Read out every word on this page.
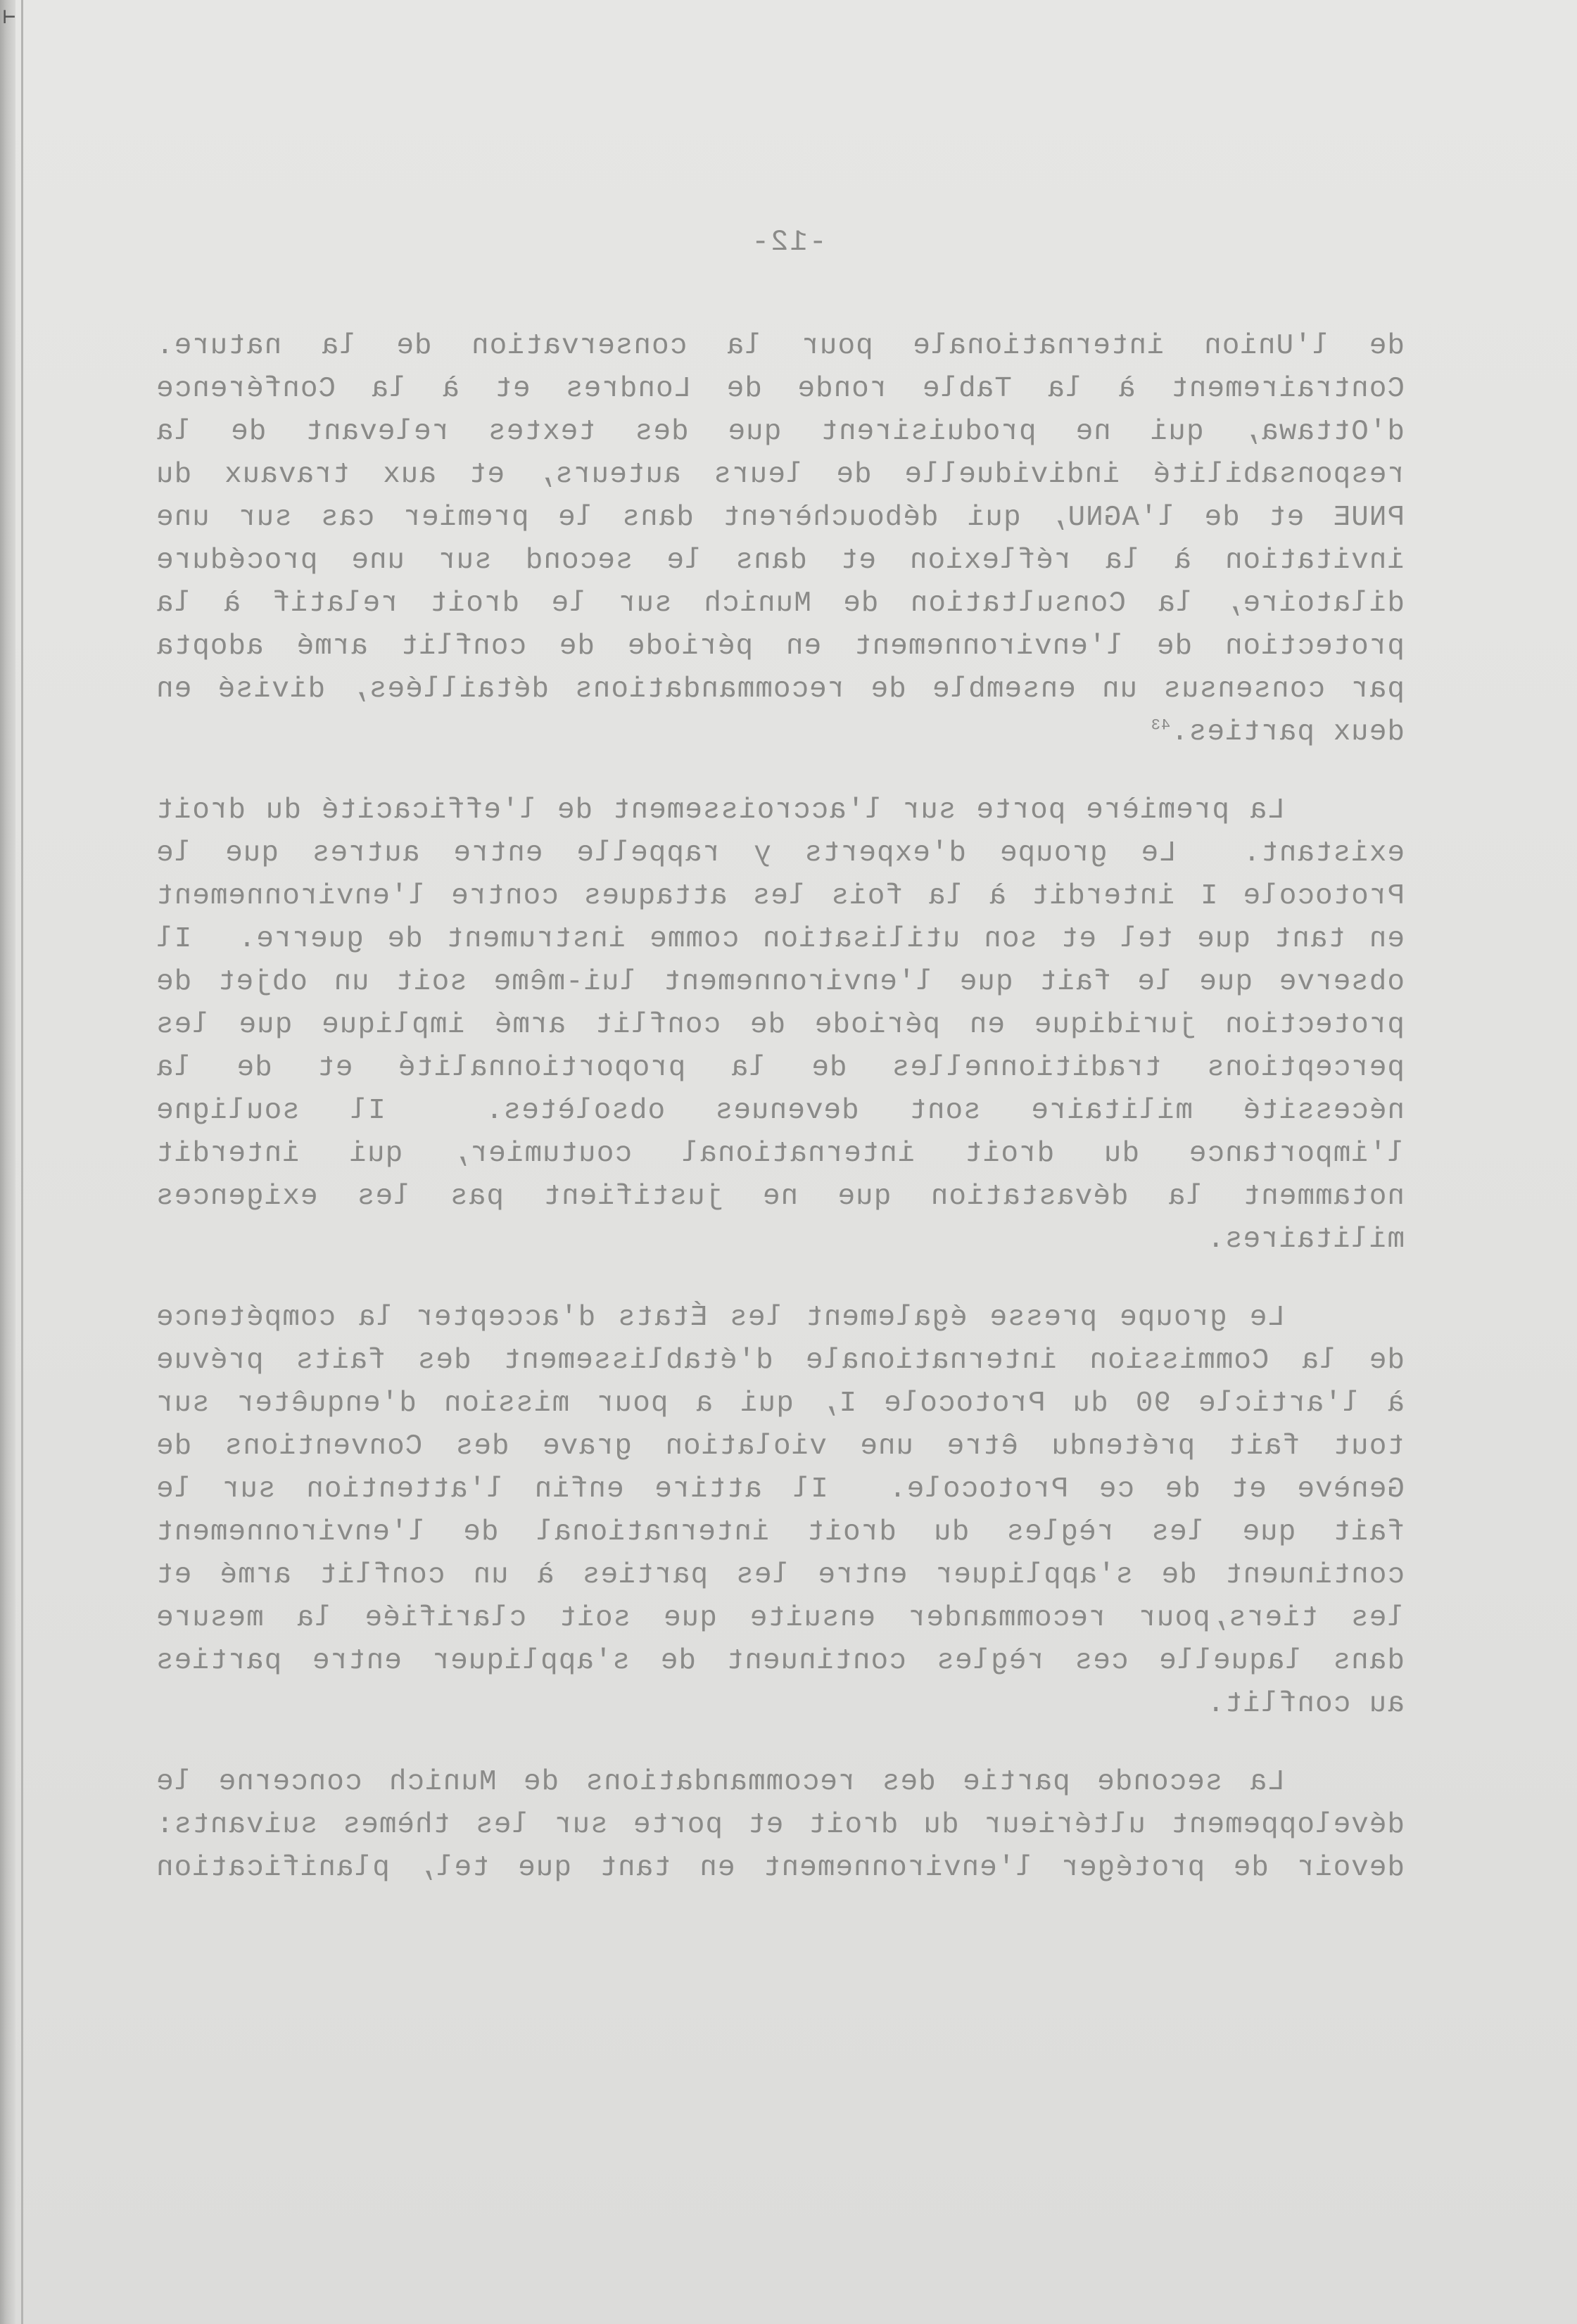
⊢
-12-
de l'Union internationale pour la conservation de la nature.
Contrairement à la Table ronde de Londres et à la Conférence
d'Ottawa, qui ne produisirent que des textes relevant de la
responsabilité individuelle de leurs auteurs, et aux travaux du
PNUE et de l'AGNU, qui débouchèrent dans le premier cas sur une
invitation à la réflexion et dans le second sur une procédure
dilatoire, la Consultation de Munich sur le droit relatif à la
protection de l'environnement en période de conflit armé adopta
par consensus un ensemble de recommandations détaillées, divisé en
deux parties.$^{43}$
La première porte sur l'accroissement de l'efficacité du droit
existant.  Le groupe d'experts y rappelle entre autres que le
Protocole I interdit à la fois les attaques contre l'environnement
en tant que tel et son utilisation comme instrument de guerre.  Il
observe que le fait que l'environnement lui-même soit un objet de
protection juridique en période de conflit armé implique que les
perceptions traditionnelles de la proportionnalité et de la
nécessité militaire sont devenues obsolètes.  Il souligne
l'importance du droit international coutumier, qui interdit
notamment la dévastation que ne justifient pas les exigences
militaires.
Le groupe presse également les États d'accepter la compétence
de la Commission internationale d'établissement des faits prévue
à l'article 90 du Protocole I, qui a pour mission d'enquêter sur
tout fait prétendu être une violation grave des Conventions de
Genève et de ce Protocole.  Il attire enfin l'attention sur le
fait que les règles du droit international de l'environnement
continuent de s'appliquer entre les parties à un conflit armé et
les tiers,pour recommander ensuite que soit clarifiée la mesure
dans laquelle ces règles continuent de s'appliquer entre parties
au conflit.
La seconde partie des recommandations de Munich concerne le
développement ultérieur du droit et porte sur les thèmes suivants:
devoir de protéger l'environnement en tant que tel, planification
